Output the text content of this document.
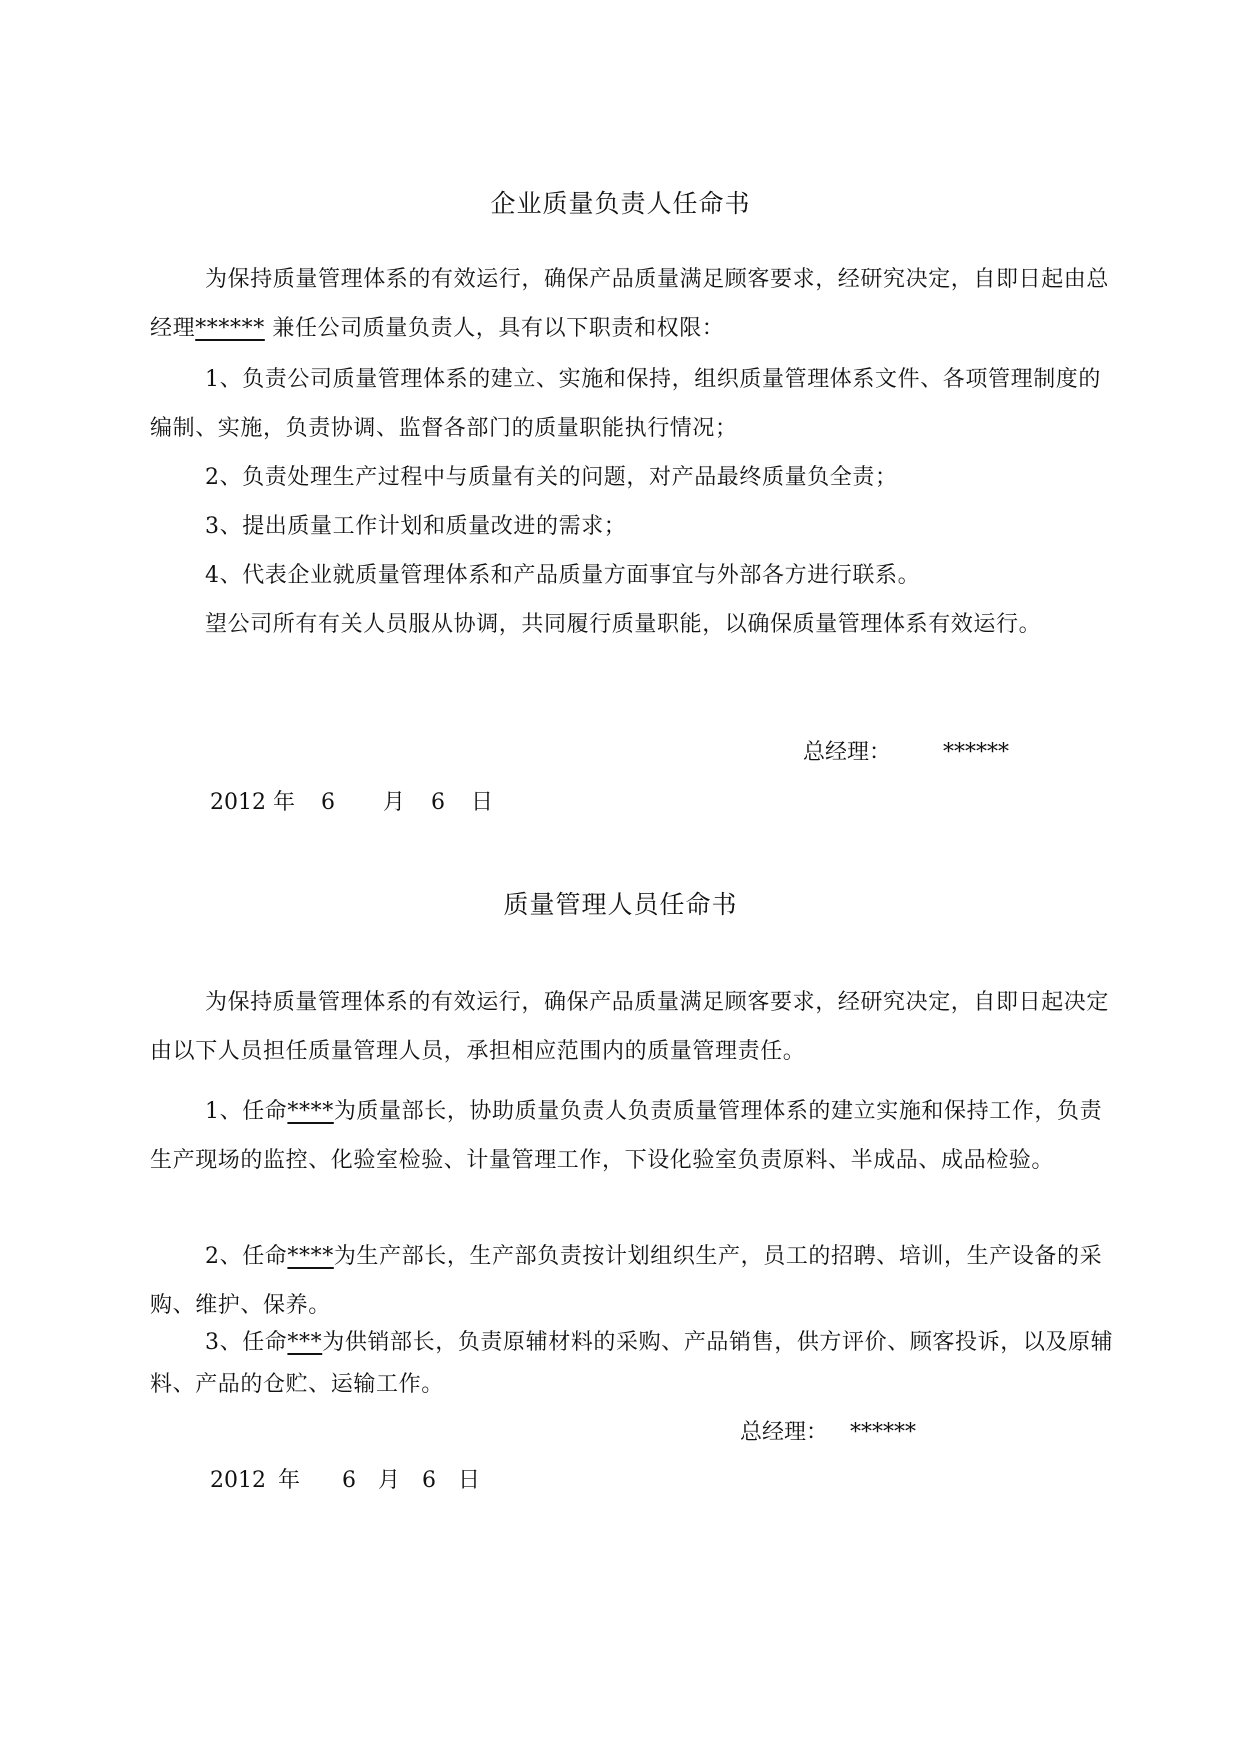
企业质量负责人任命书

为保持质量管理体系的有效运行，确保产品质量满足顾客要求，经研究决定，自即日起由总经理****** 兼任公司质量负责人，具有以下职责和权限：

1、负责公司质量管理体系的建立、实施和保持，组织质量管理体系文件、各项管理制度的编制、实施，负责协调、监督各部门的质量职能执行情况；

2、负责处理生产过程中与质量有关的问题，对产品最终质量负全责；

3、提出质量工作计划和质量改进的需求；

4、代表企业就质量管理体系和产品质量方面事宜与外部各方进行联系。

望公司所有有关人员服从协调，共同履行质量职能，以确保质量管理体系有效运行。

总经理： ******
2012 年 6 月 6 日
质量管理人员任命书

为保持质量管理体系的有效运行，确保产品质量满足顾客要求，经研究决定，自即日起决定由以下人员担任质量管理人员，承担相应范围内的质量管理责任。

1、任命****为质量部长，协助质量负责人负责质量管理体系的建立实施和保持工作，负责生产现场的监控、化验室检验、计量管理工作，下设化验室负责原料、半成品、成品检验。

2、任命****为生产部长，生产部负责按计划组织生产，员工的招聘、培训，生产设备的采购、维护、保养。

3、任命***为供销部长，负责原辅材料的采购、产品销售，供方评价、顾客投诉，以及原辅料、产品的仓贮、运输工作。

总经理： ******
2012 年 6 月 6 日
